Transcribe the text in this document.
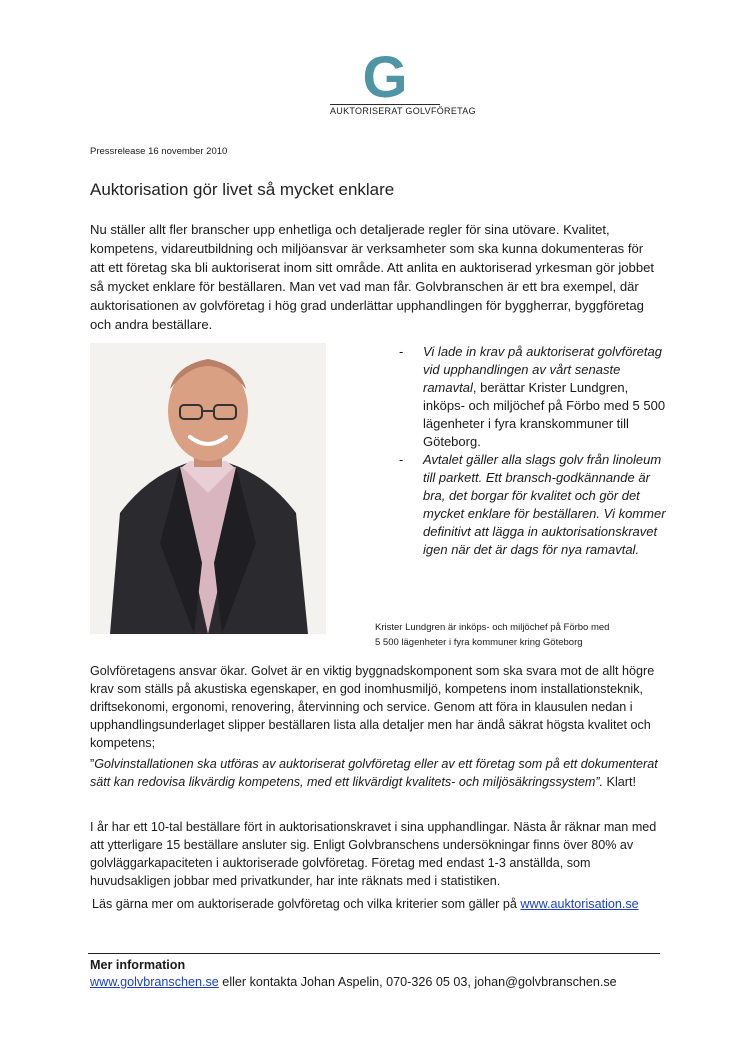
G
AUKTORISERAT GOLVFÖRETAG
Pressrelease 16 november 2010
Auktorisation gör livet så mycket enklare
Nu ställer allt fler branscher upp enhetliga och detaljerade regler för sina utövare. Kvalitet, kompetens, vidareutbildning och miljöansvar är verksamheter som ska kunna dokumenteras för att ett företag ska bli auktoriserat inom sitt område. Att anlita en auktoriserad yrkesman gör jobbet så mycket enklare för beställaren. Man vet vad man får. Golvbranschen är ett bra exempel, där auktorisationen av golvföretag i hög grad underlättar upphandlingen för byggherrar, byggföretag och andra beställare.

- Vi lade in krav på auktoriserat golvföretag vid upphandlingen av vårt senaste ramavtal, berättar Krister Lundgren, inköps- och miljöchef på Förbo med 5 500 lägenheter i fyra kranskommuner till Göteborg.

- Avtalet gäller alla slags golv från linoleum till parkett. Ett bransch-godkännande är bra, det borgar för kvalitet och gör det mycket enklare för beställaren. Vi kommer definitivt att lägga in auktorisationskravet igen när det är dags för nya ramavtal.

Krister Lundgren är inköps- och miljöchef på Förbo med

5 500 lägenheter i fyra kommuner kring Göteborg

Golvföretagens ansvar ökar. Golvet är en viktig byggnadskomponent som ska svara mot de allt högre krav som ställs på akustiska egenskaper, en god inomhusmiljö, kompetens inom installationsteknik, driftsekonomi, ergonomi, renovering, återvinning och service. Genom att föra in klausulen nedan i upphandlingsunderlaget slipper beställaren lista alla detaljer men har ändå säkrat högsta kvalitet och kompetens;
”Golvinstallationen ska utföras av auktoriserat golvföretag eller av ett företag som på ett dokumenterat sätt kan redovisa likvärdig kompetens, med ett likvärdigt kvalitets- och miljösäkringssystem”. Klart!
I år har ett 10-tal beställare fört in auktorisationskravet i sina upphandlingar. Nästa år räknar man med att ytterligare 15 beställare ansluter sig. Enligt Golvbranschens undersökningar finns över 80% av golvläggarkapaciteten i auktoriserade golvföretag. Företag med endast 1-3 anställda, som huvudsakligen jobbar med privatkunder, har inte räknats med i statistiken.
Läs gärna mer om auktoriserade golvföretag och vilka kriterier som gäller på www.auktorisation.se
Mer information
www.golvbranschen.se eller kontakta Johan Aspelin, 070-326 05 03, johan@golvbranschen.se
